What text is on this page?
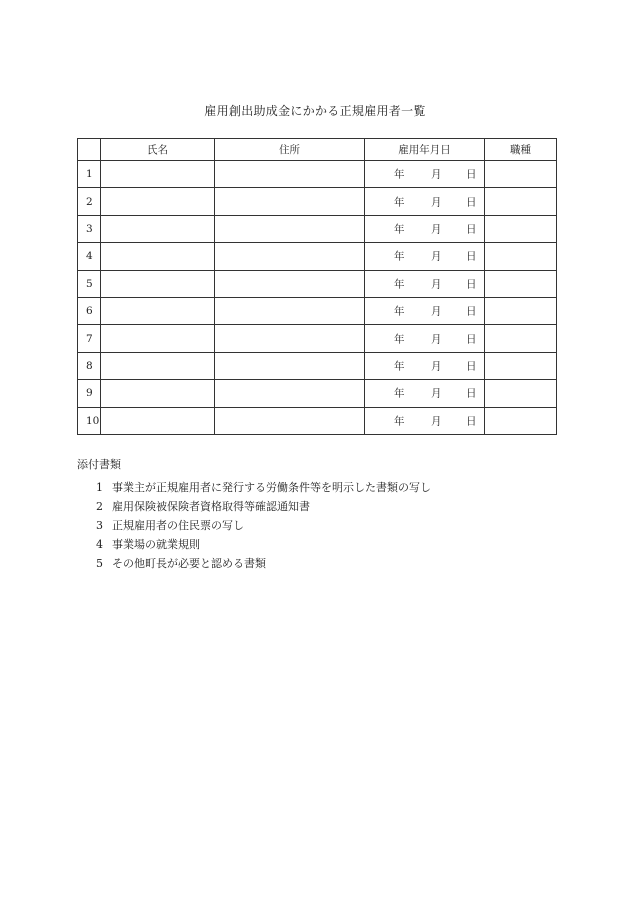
雇用創出助成金にかかる正規雇用者一覧
	氏名	住所	雇用年月日	職種
1			年 月 日	

2			年 月 日	

3			年 月 日	

4			年 月 日	

5			年 月 日	

6			年 月 日	

7			年 月 日	

8			年 月 日	

9			年 月 日	

10			年 月 日	

添付書類
1 事業主が正規雇用者に発行する労働条件等を明示した書類の写し
2 雇用保険被保険者資格取得等確認通知書
3 正規雇用者の住民票の写し
4 事業場の就業規則
5 その他町長が必要と認める書類
